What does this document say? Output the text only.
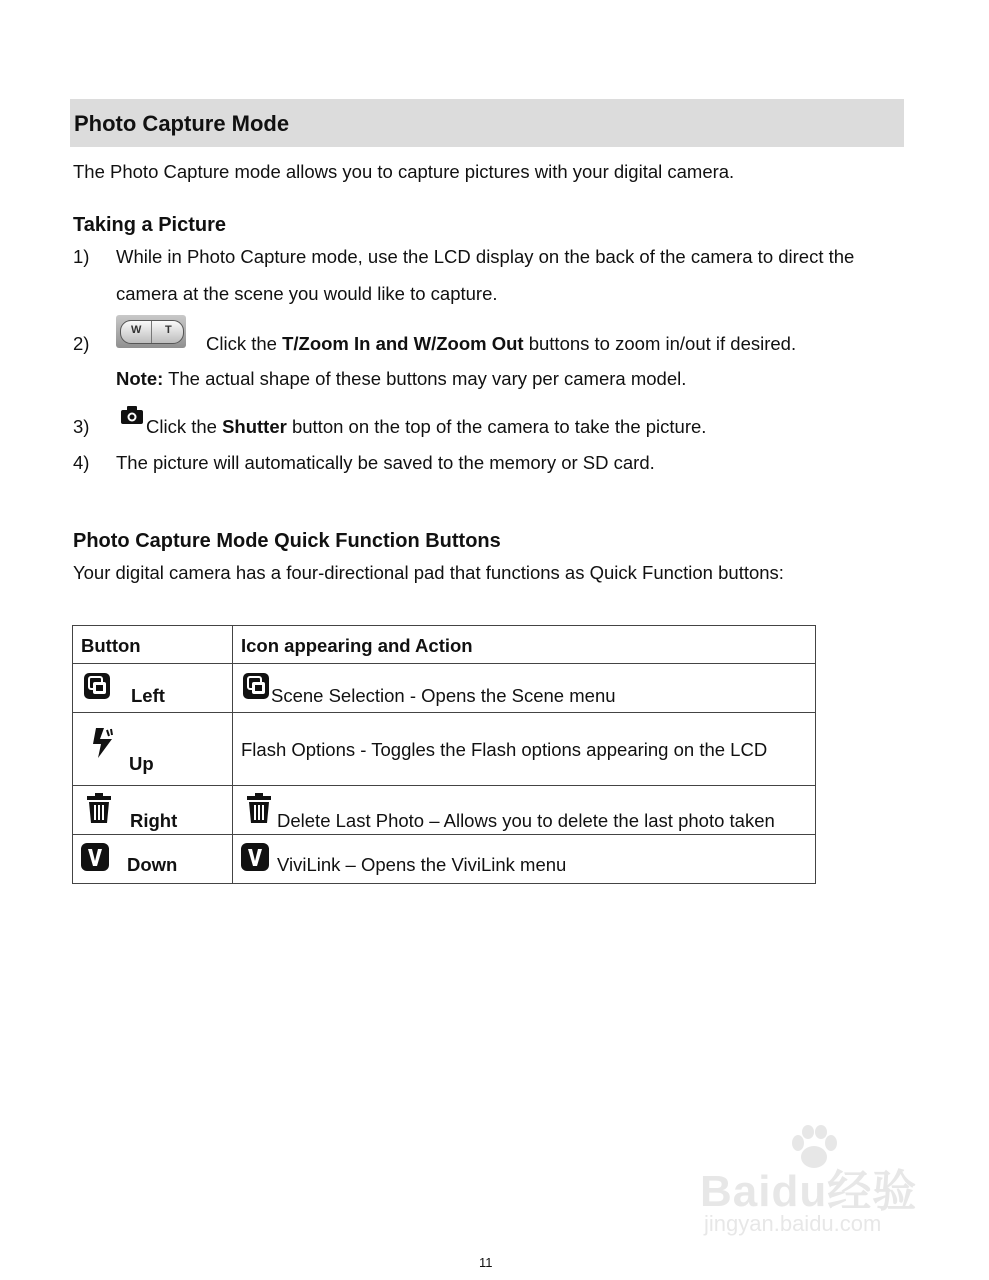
Photo Capture Mode
The Photo Capture mode allows you to capture pictures with your digital camera.
Taking a Picture
1) While in Photo Capture mode, use the LCD display on the back of the camera to direct the
camera at the scene you would like to capture.
2)
W T
Click the T/Zoom In and W/Zoom Out buttons to zoom in/out if desired.
Note: The actual shape of these buttons may vary per camera model.
3)	Click the Shutter button on the top of the camera to take the picture.
4) The picture will automatically be saved to the memory or SD card.
Photo Capture Mode Quick Function Buttons
Your digital camera has a four-directional pad that functions as Quick Function buttons:
Button	Icon appearing and Action

Left	Scene Selection - Opens the Scene menu

Up	Flash Options - Toggles the Flash options appearing on the LCD

Right	Delete Last Photo – Allows you to delete the last photo taken

Down	ViviLink – Opens the ViviLink menu
Baidu经验
jingyan.baidu.com
11
